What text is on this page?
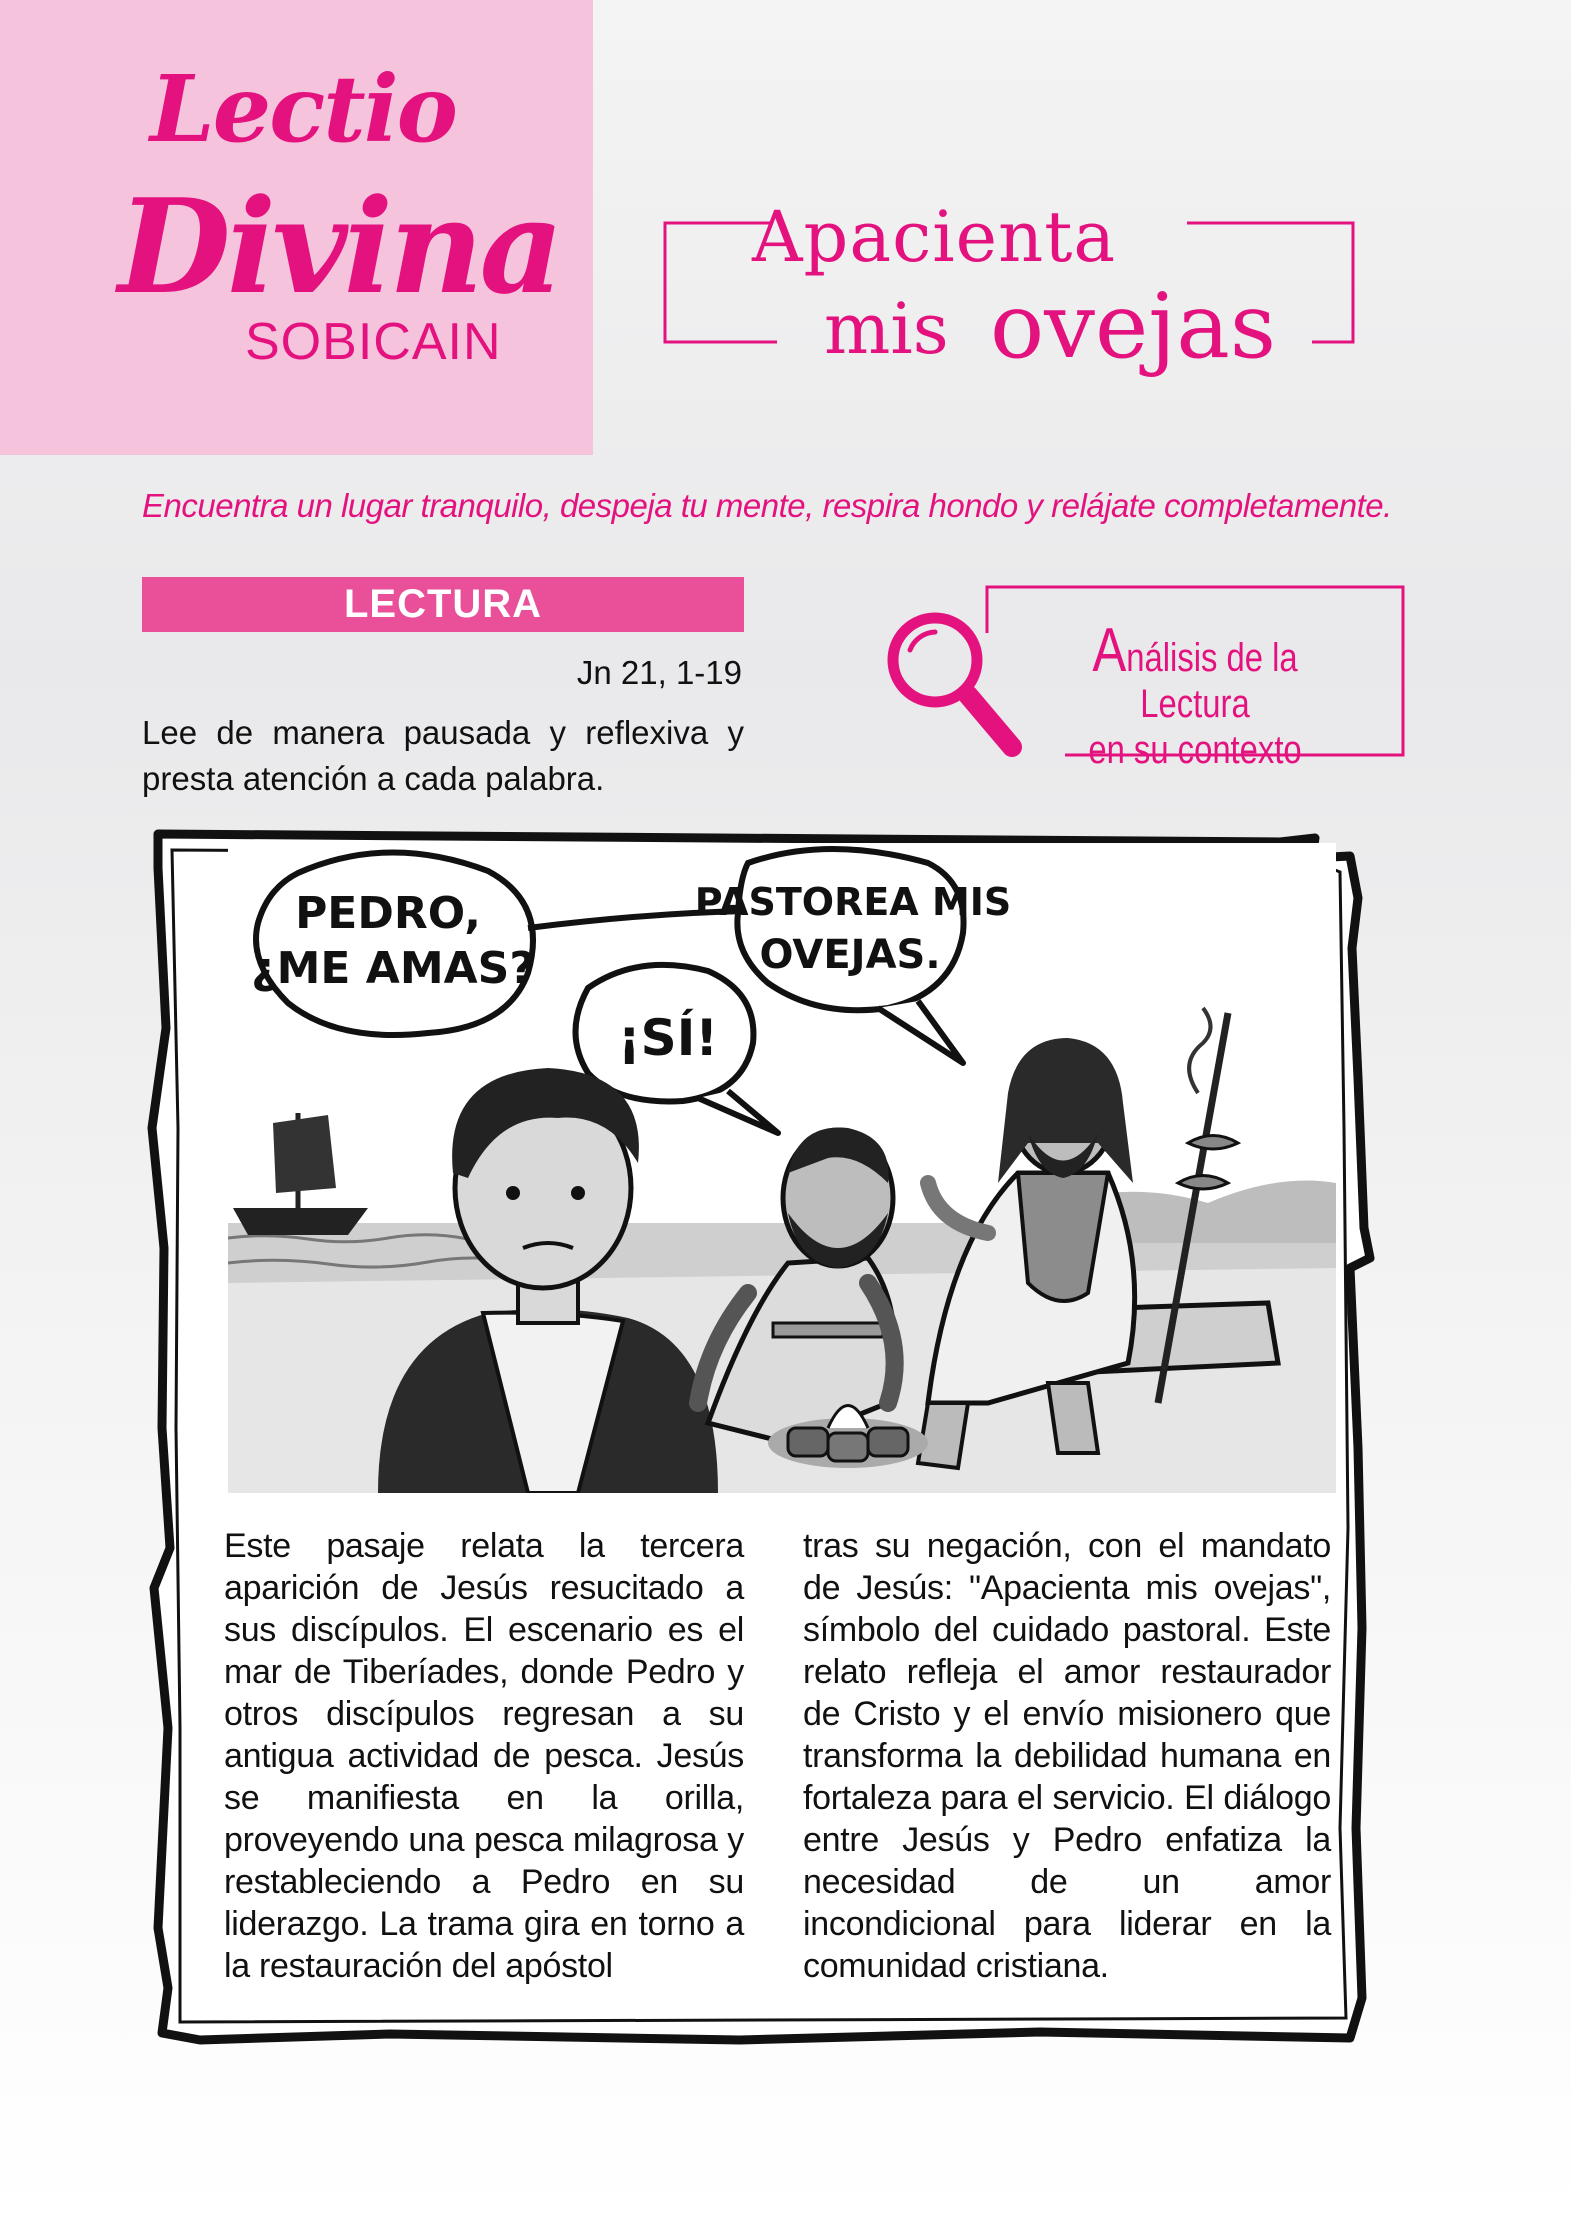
Lectio
Divina
SOBICAIN
Apacienta
mis ovejas
Encuentra un lugar tranquilo, despeja tu mente, respira hondo y relájate completamente.
LECTURA
Jn 21, 1-19
Lee de manera pausada y reflexiva y presta atención a cada palabra.
Análisis de la Lectura
en su contexto
PEDRO,
¿ME AMAS?
PASTOREA MIS
OVEJAS.
¡SÍ!
Este pasaje relata la tercera aparición de Jesús resucitado a sus discípulos. El escenario es el mar de Tiberíades, donde Pedro y otros discípulos regresan a su antigua actividad de pesca. Jesús se manifiesta en la orilla, proveyendo una pesca milagrosa y restableciendo a Pedro en su liderazgo. La trama gira en torno a la restauración del apóstol
tras su negación, con el mandato de Jesús: "Apacienta mis ovejas", símbolo del cuidado pastoral. Este relato refleja el amor restaurador de Cristo y el envío misionero que transforma la debilidad humana en fortaleza para el servicio. El diálogo entre Jesús y Pedro enfatiza la necesidad de un amor incondicional para liderar en la comunidad cristiana.
